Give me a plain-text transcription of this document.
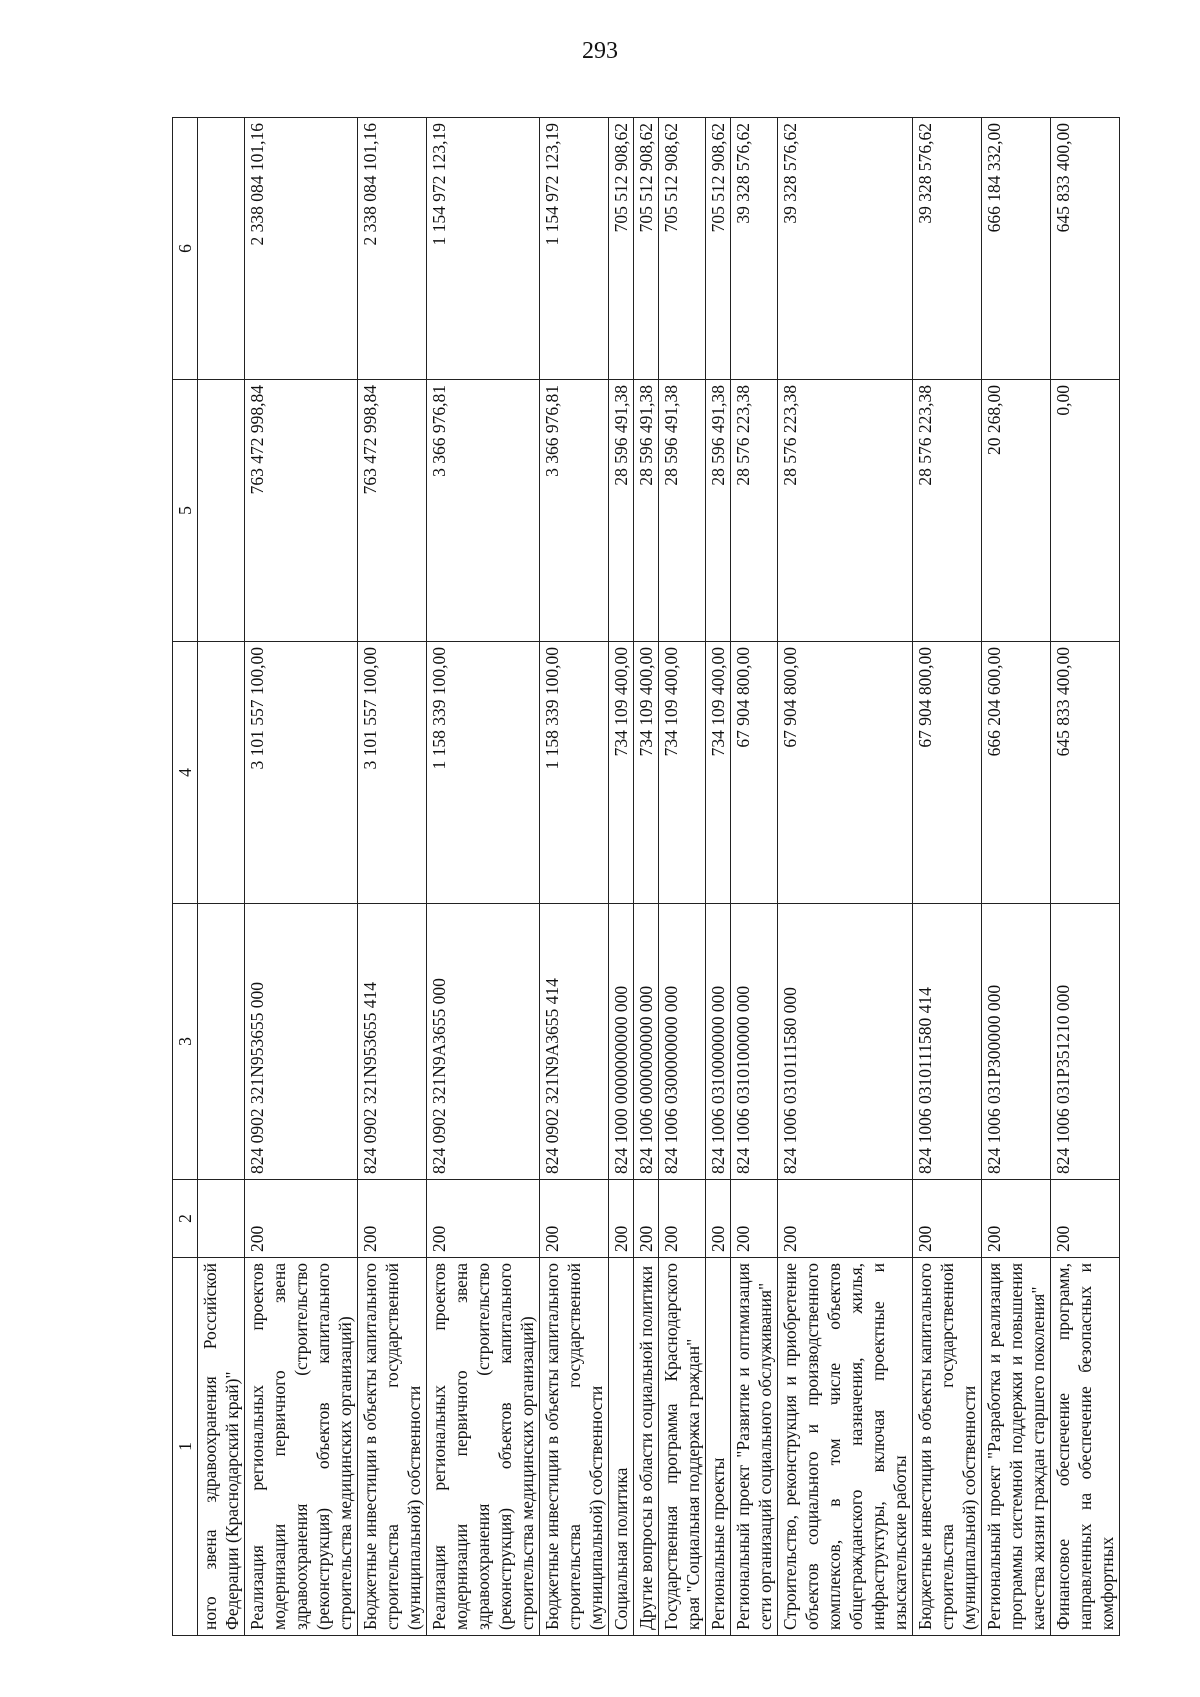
293
1	2	3	4	5	6
ного звена здравоохранения Российской Федерации (Краснодарский край)"					
Реализация региональных проектов модернизации первичного звена здравоохранения (строительство (реконструкция) объектов капитального строительства медицинских организаций)	200	824 0902 321N953655 000	3 101 557 100,00	763 472 998,84	2 338 084 101,16
Бюджетные инвестиции в объекты капитального строительства государственной (муниципальной) собственности	200	824 0902 321N953655 414	3 101 557 100,00	763 472 998,84	2 338 084 101,16
Реализация региональных проектов модернизации первичного звена здравоохранения (строительство (реконструкция) объектов капитального строительства медицинских организаций)	200	824 0902 321N9A3655 000	1 158 339 100,00	3 366 976,81	1 154 972 123,19
Бюджетные инвестиции в объекты капитального строительства государственной (муниципальной) собственности	200	824 0902 321N9A3655 414	1 158 339 100,00	3 366 976,81	1 154 972 123,19
Социальная политика	200	824 1000 0000000000 000	734 109 400,00	28 596 491,38	705 512 908,62
Другие вопросы в области социальной политики	200	824 1006 0000000000 000	734 109 400,00	28 596 491,38	705 512 908,62
Государственная программа Краснодарского края "Социальная поддержка граждан"	200	824 1006 0300000000 000	734 109 400,00	28 596 491,38	705 512 908,62
Региональные проекты	200	824 1006 0310000000 000	734 109 400,00	28 596 491,38	705 512 908,62
Региональный проект "Развитие и оптимизация сети организаций социального обслуживания"	200	824 1006 0310100000 000	67 904 800,00	28 576 223,38	39 328 576,62
Строительство, реконструкция и приобретение объектов социального и производственного комплексов, в том числе объектов общегражданского назначения, жилья, инфраструктуры, включая проектные и изыскательские работы	200	824 1006 0310111580 000	67 904 800,00	28 576 223,38	39 328 576,62
Бюджетные инвестиции в объекты капитального строительства государственной (муниципальной) собственности	200	824 1006 0310111580 414	67 904 800,00	28 576 223,38	39 328 576,62
Региональный проект "Разработка и реализация программы системной поддержки и повышения качества жизни граждан старшего поколения"	200	824 1006 031P300000 000	666 204 600,00	20 268,00	666 184 332,00
Финансовое обеспечение программ, направленных на обеспечение безопасных и комфортных	200	824 1006 031P351210 000	645 833 400,00	0,00	645 833 400,00
